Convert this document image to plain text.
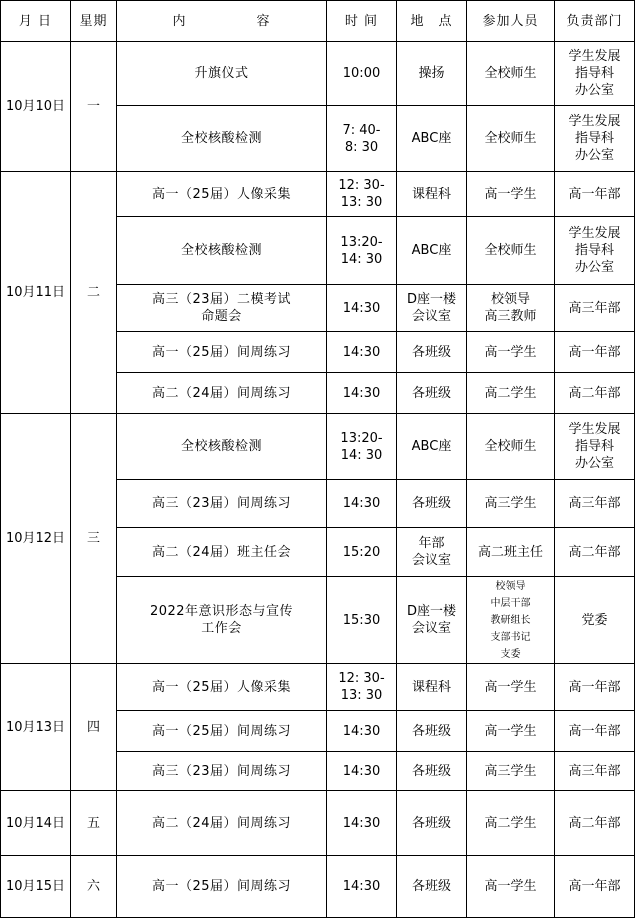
月 日	星期	内　　　　　容	时 间	地　点	参加人员	负责部门
10月10日	一	升旗仪式	10:00	操扬	全校师生	学生发展
指导科
办公室
		全校核酸检测	7: 40-
8: 30	ABC座	全校师生	学生发展
指导科
办公室
10月11日	二	高一（25届）人像采集	12: 30-
13: 30	课程科	高一学生	高一年部
		全校核酸检测	13:20-
14: 30	ABC座	全校师生	学生发展
指导科
办公室
		高三（23届）二模考试
命题会	14:30	D座一楼
会议室	校领导
高三教师	高三年部
		高一（25届）间周练习	14:30	各班级	高一学生	高一年部
		高二（24届）间周练习	14:30	各班级	高二学生	高二年部
10月12日	三	全校核酸检测	13:20-
14: 30	ABC座	全校师生	学生发展
指导科
办公室
		高三（23届）间周练习	14:30	各班级	高三学生	高三年部
		高二（24届）班主任会	15:20	年部
会议室	高二班主任	高二年部
		2022年意识形态与宣传
工作会	15:30	D座一楼
会议室	校领导
中层干部
教研组长
支部书记
支委	党委
10月13日	四	高一（25届）人像采集	12: 30-
13: 30	课程科	高一学生	高一年部
		高一（25届）间周练习	14:30	各班级	高一学生	高一年部
		高三（23届）间周练习	14:30	各班级	高三学生	高三年部
10月14日	五	高二（24届）间周练习	14:30	各班级	高二学生	高二年部
10月15日	六	高一（25届）间周练习	14:30	各班级	高一学生	高一年部
